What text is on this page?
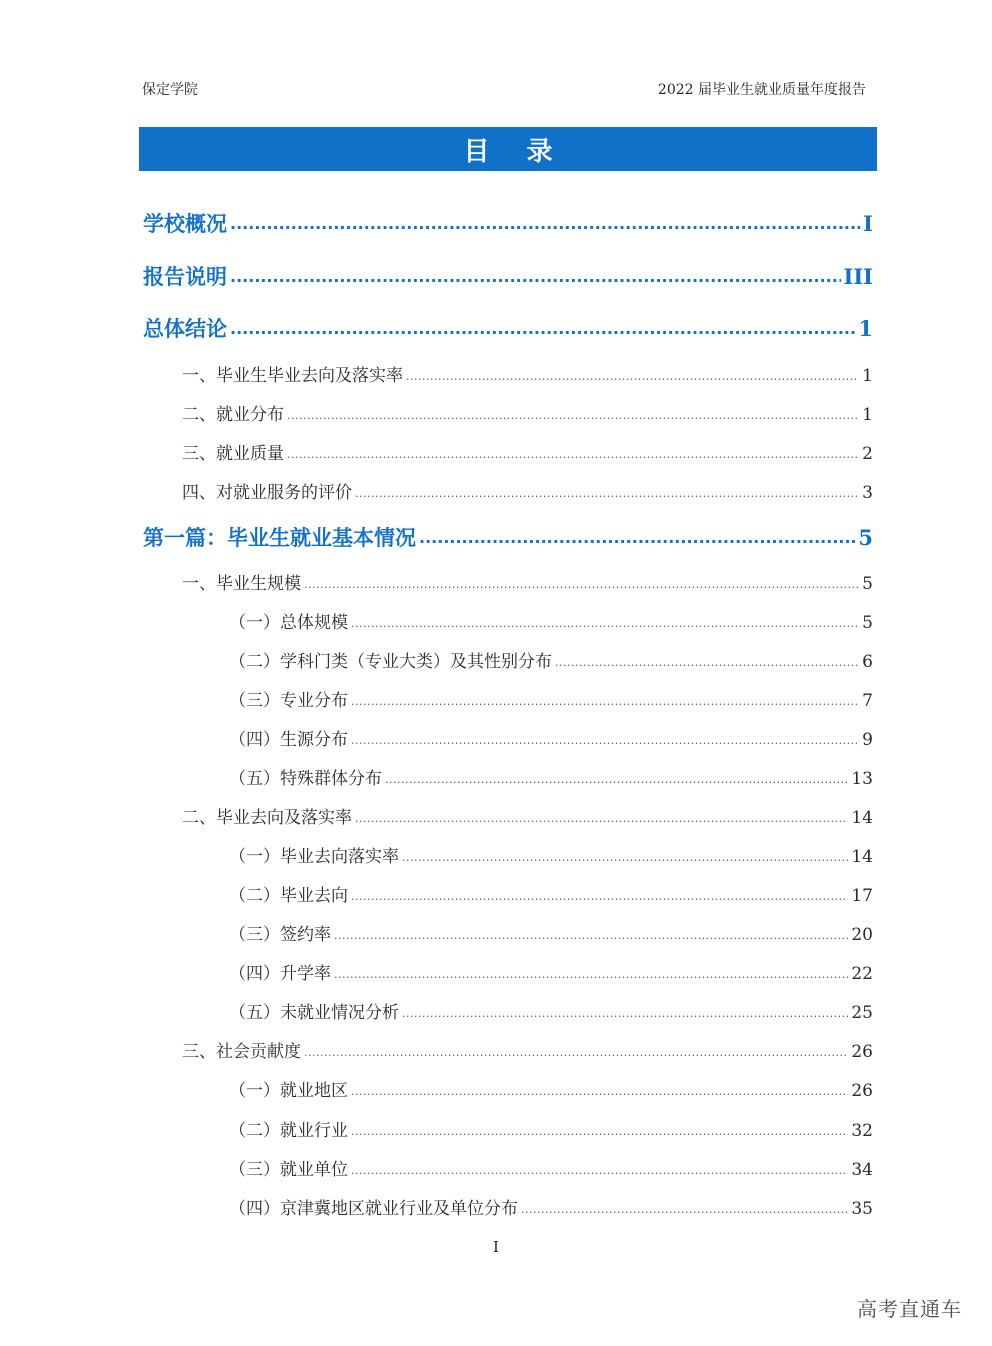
保定学院	2022 届毕业生就业质量年度报告
目 录
学校概况 .....	I
报告说明 .....	III
总体结论 .....	1
一、毕业生毕业去向及落实率 .....	1
二、就业分布 .....	1
三、就业质量 .....	2
四、对就业服务的评价 .....	3
第一篇：毕业生就业基本情况 .....	5
一、毕业生规模 .....	5
（一）总体规模 .....	5
（二）学科门类（专业大类）及其性别分布 .....	6
（三）专业分布 .....	7
（四）生源分布 .....	9
（五）特殊群体分布 .....	13
二、毕业去向及落实率 .....	14
（一）毕业去向落实率 .....	14
（二）毕业去向 .....	17
（三）签约率 .....	20
（四）升学率 .....	22
（五）未就业情况分析 .....	25
三、社会贡献度 .....	26
（一）就业地区 .....	26
（二）就业行业 .....	32
（三）就业单位 .....	34
（四）京津冀地区就业行业及单位分布 .....	35
I
高考直通车
